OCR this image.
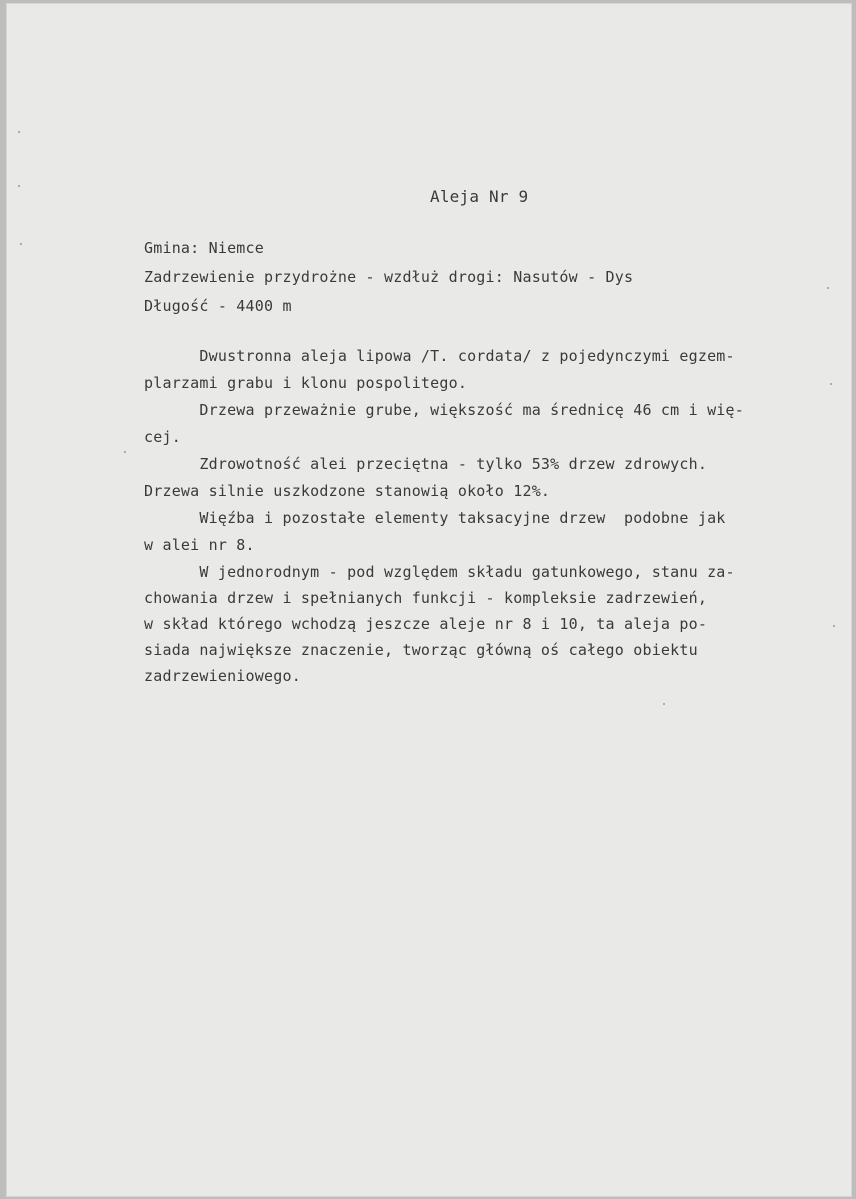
Aleja Nr 9
Gmina: Niemce
Zadrzewienie przydrożne - wzdłuż drogi: Nasutów - Dys
Długość - 4400 m
Dwustronna aleja lipowa /T. cordata/ z pojedynczymi egzem-
plarzami grabu i klonu pospolitego.
Drzewa przeważnie grube, większość ma średnicę 46 cm i wię-
cej.
Zdrowotność alei przeciętna - tylko 53% drzew zdrowych.
Drzewa silnie uszkodzone stanowią około 12%.
Więźba i pozostałe elementy taksacyjne drzew  podobne jak
w alei nr 8.
W jednorodnym - pod względem składu gatunkowego, stanu za-
chowania drzew i spełnianych funkcji - kompleksie zadrzewień,
w skład którego wchodzą jeszcze aleje nr 8 i 10, ta aleja po-
siada największe znaczenie, tworząc główną oś całego obiektu
zadrzewieniowego.
